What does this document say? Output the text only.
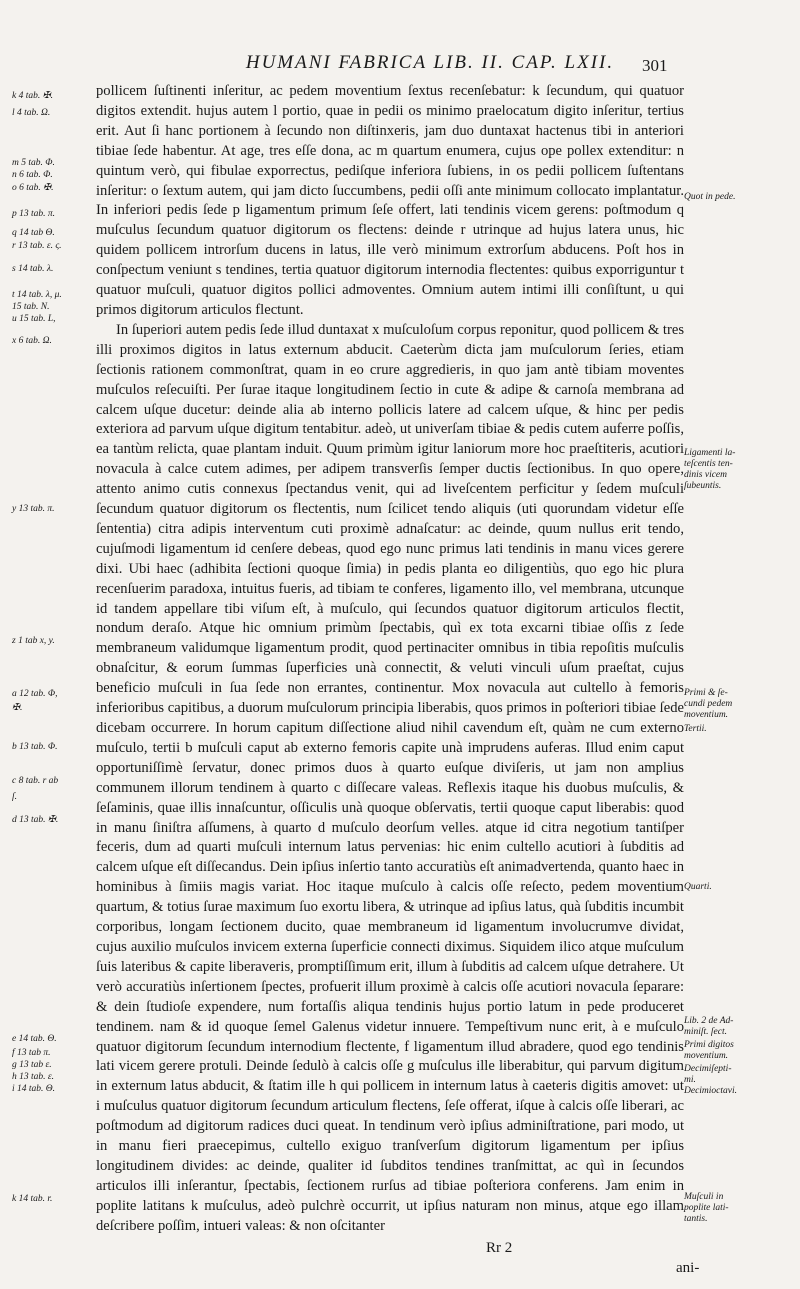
HUMANI FABRICA LIB. II. CAP. LXII.	301
k 4 tab. ✠.
l 4 tab. Ω.
m 5 tab. Φ.
n 6 tab. Φ.
o 6 tab. ✠.
p 13 tab. π.
q 14 tab Θ.
r 13 tab. ε. ς.
s 14 tab. λ.
t 14 tab. λ, μ.
15 tab. N.
u 15 tab. L,
x 6 tab. Ω.
y 13 tab. π.
z 1 tab x, y.
a 12 tab. Φ,
✠.
b 13 tab. Φ.
c 8 tab. r ab
ſ.
d 13 tab. ✠.
e 14 tab. Θ.
f 13 tab π.
g 13 tab ε.
h 13 tab. ε.
i 14 tab. Θ.
k 14 tab. r.

pollicem ſuſtinenti inſeritur, ac pedem moventium ſextus recenſebatur: k ſecundum, qui quatuor digitos extendit. hujus autem l portio, quae in pedii os minimo praelocatum digito inſeritur, tertius erit. Aut ſi hanc portionem à ſecundo non diſtinxeris, jam duo duntaxat hactenus tibi in anteriori tibiae ſede habentur. At age, tres eſſe dona, ac m quartum enumera, cujus ope pollex extenditur: n quintum verò, qui fibulae exporrectus, pediſque inferiora ſubiens, in os pedii pollicem ſuſtentans inſeritur: o ſextum autem, qui jam dicto ſuccumbens, pedii oſſi ante minimum collocato implantatur. In inferiori pedis ſede p ligamentum primum ſeſe offert, lati tendinis vicem gerens: poſtmodum q muſculus ſecundum quatuor digitorum os flectens: deinde r utrinque ad hujus latera unus, hic quidem pollicem introrſum ducens in latus, ille verò minimum extrorſum abducens. Poſt hos in conſpectum veniunt s tendines, tertia quatuor digitorum internodia flectentes: quibus exporriguntur t quatuor muſculi, quatuor digitos pollici admoventes. Omnium autem intimi illi conſiſtunt, u qui primos digitorum articulos flectunt.

In ſuperiori autem pedis ſede illud duntaxat x muſculoſum corpus reponitur, quod pollicem & tres illi proximos digitos in latus externum abducit. Caeterùm dicta jam muſculorum ſeries, etiam ſectionis rationem commonſtrat, quam in eo crure aggredieris, in quo jam antè tibiam moventes muſculos reſecuiſti. Per ſurae itaque longitudinem ſectio in cute & adipe & carnoſa membrana ad calcem uſque ducetur: deinde alia ab interno pollicis latere ad calcem uſque, & hinc per pedis exteriora ad parvum uſque digitum tentabitur. adeò, ut univerſam tibiae & pedis cutem auferre poſſis, ea tantùm relicta, quae plantam induit. Quum primùm igitur laniorum more hoc praeſtiteris, acutiori novacula à calce cutem adimes, per adipem transverſis ſemper ductis ſectionibus. In quo opere, attento animo cutis connexus ſpectandus venit, qui ad liveſcentem perficitur y ſedem muſculi ſecundum quatuor digitorum os flectentis, num ſcilicet tendo aliquis (uti quorundam videtur eſſe ſententia) citra adipis interventum cuti proximè adnaſcatur: ac deinde, quum nullus erit tendo, cujuſmodi ligamentum id cenſere debeas, quod ego nunc primus lati tendinis in manu vices gerere dixi. Ubi haec (adhibita ſectioni quoque ſimia) in pedis planta eo diligentiùs, quo ego hic plura recenſuerim paradoxa, intuitus fueris, ad tibiam te conferes, ligamento illo, vel membrana, utcunque id tandem appellare tibi viſum eſt, à muſculo, qui ſecundos quatuor digitorum articulos flectit, nondum deraſo. Atque hic omnium primùm ſpectabis, quì ex tota excarni tibiae oſſis z ſede membraneum validumque ligamentum prodit, quod pertinaciter omnibus in tibia repoſitis muſculis obnaſcitur, & eorum ſummas ſuperficies unà connectit, & veluti vinculi uſum praeſtat, cujus beneficio muſculi in ſua ſede non errantes, continentur. Mox novacula aut cultello à femoris inferioribus capitibus, a duorum muſculorum principia liberabis, quos primos in poſteriori tibiae ſede dicebam occurrere. In horum capitum diſſectione aliud nihil cavendum eſt, quàm ne cum externo muſculo, tertii b muſculi caput ab externo femoris capite unà imprudens auferas. Illud enim caput opportuniſſimè ſervatur, donec primos duos à quarto euſque diviſeris, ut jam non amplius communem illorum tendinem à quarto c diſſecare valeas. Reflexis itaque his duobus muſculis, & ſeſaminis, quae illis innaſcuntur, oſſiculis unà quoque obſervatis, tertii quoque caput liberabis: quod in manu ſiniſtra aſſumens, à quarto d muſculo deorſum velles. atque id citra negotium tantiſper feceris, dum ad quarti muſculi internum latus pervenias: hic enim cultello acutiori à ſubditis ad calcem uſque eſt diſſecandus. Dein ipſius inſertio tanto accuratiùs eſt animadvertenda, quanto haec in hominibus à ſimiis magis variat. Hoc itaque muſculo à calcis oſſe reſecto, pedem moventium quartum, & totius ſurae maximum ſuo exortu libera, & utrinque ad ipſius latus, quà ſubditis incumbit corporibus, longam ſectionem ducito, quae membraneum id ligamentum involucrumve dividat, cujus auxilio muſculos invicem externa ſuperficie connecti diximus. Siquidem ilico atque muſculum ſuis lateribus & capite liberaveris, promptiſſimum erit, illum à ſubditis ad calcem uſque detrahere. Ut verò accuratiùs inſertionem ſpectes, profuerit illum proximè à calcis oſſe acutiori novacula ſeparare: & dein ſtudioſe expendere, num fortaſſis aliqua tendinis hujus portio latum in pede produceret tendinem. nam & id quoque ſemel Galenus videtur innuere. Tempeſtivum nunc erit, à e muſculo quatuor digitorum ſecundum internodium flectente, f ligamentum illud abradere, quod ego tendinis lati vicem gerere protuli. Deinde ſedulò à calcis oſſe g muſculus ille liberabitur, qui parvum digitum in externum latus abducit, & ſtatim ille h qui pollicem in internum latus à caeteris digitis amovet: ut i muſculus quatuor digitorum ſecundum articulum flectens, ſeſe offerat, iſque à calcis oſſe liberari, ac poſtmodum ad digitorum radices duci queat. In tendinum verò ipſius adminiſtratione, pari modo, ut in manu fieri praecepimus, cultello exiguo tranſverſum digitorum ligamentum per ipſius longitudinem divides: ac deinde, qualiter id ſubditos tendines tranſmittat, ac quì in ſecundos articulos illi inſerantur, ſpectabis, ſectionem rurſus ad tibiae poſteriora conferens. Jam enim in poplite latitans k muſculus, adeò pulchrè occurrit, ut ipſius naturam non minus, atque ego illam deſcribere poſſim, intueri valeas: & non oſcitanter

Quot in pede.
Ligamenti la-
teſcentis ten-
dinis vicem
ſubeuntis.
Primi & ſe-
cundi pedem
moventium.
Tertii.
Quarti.
Lib. 2 de Ad-
miniſt. ſect.
Primi digitos
moventium.
Decimiſepti-
mi.
Decimioctavi.
Muſculi in
poplite lati-
tantis.
Rr 2
ani-
